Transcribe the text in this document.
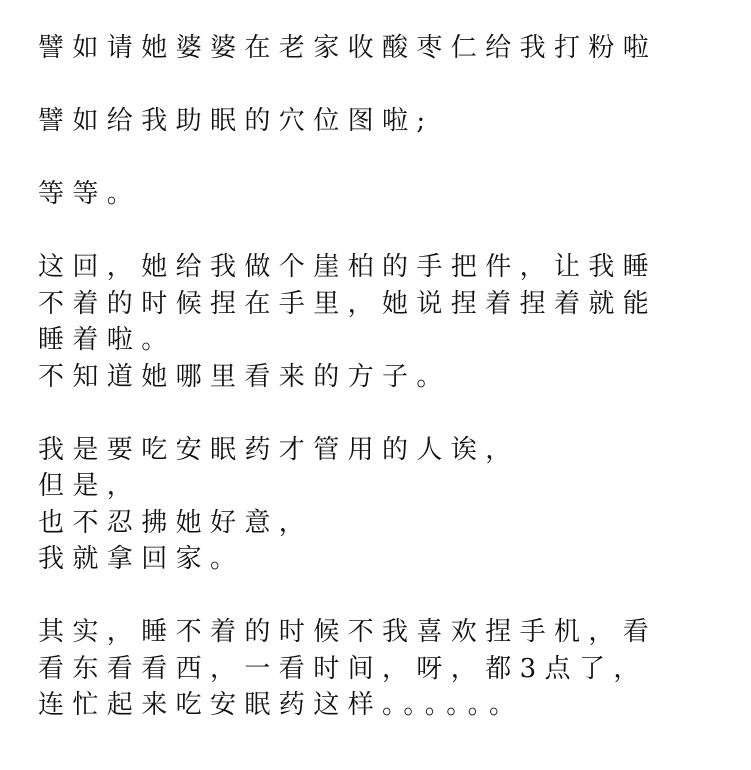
譬如请她婆婆在老家收酸枣仁给我打粉啦
譬如给我助眠的穴位图啦;
等等。
这回，她给我做个崖柏的手把件，让我睡
不着的时候捏在手里，她说捏着捏着就能
睡着啦。
不知道她哪里看来的方子。
我是要吃安眠药才管用的人诶，
但是，
也不忍拂她好意，
我就拿回家。
其实，睡不着的时候不我喜欢捏手机，看
看东看看西，一看时间，呀，都3点了，
连忙起来吃安眠药这样。。。。。。
